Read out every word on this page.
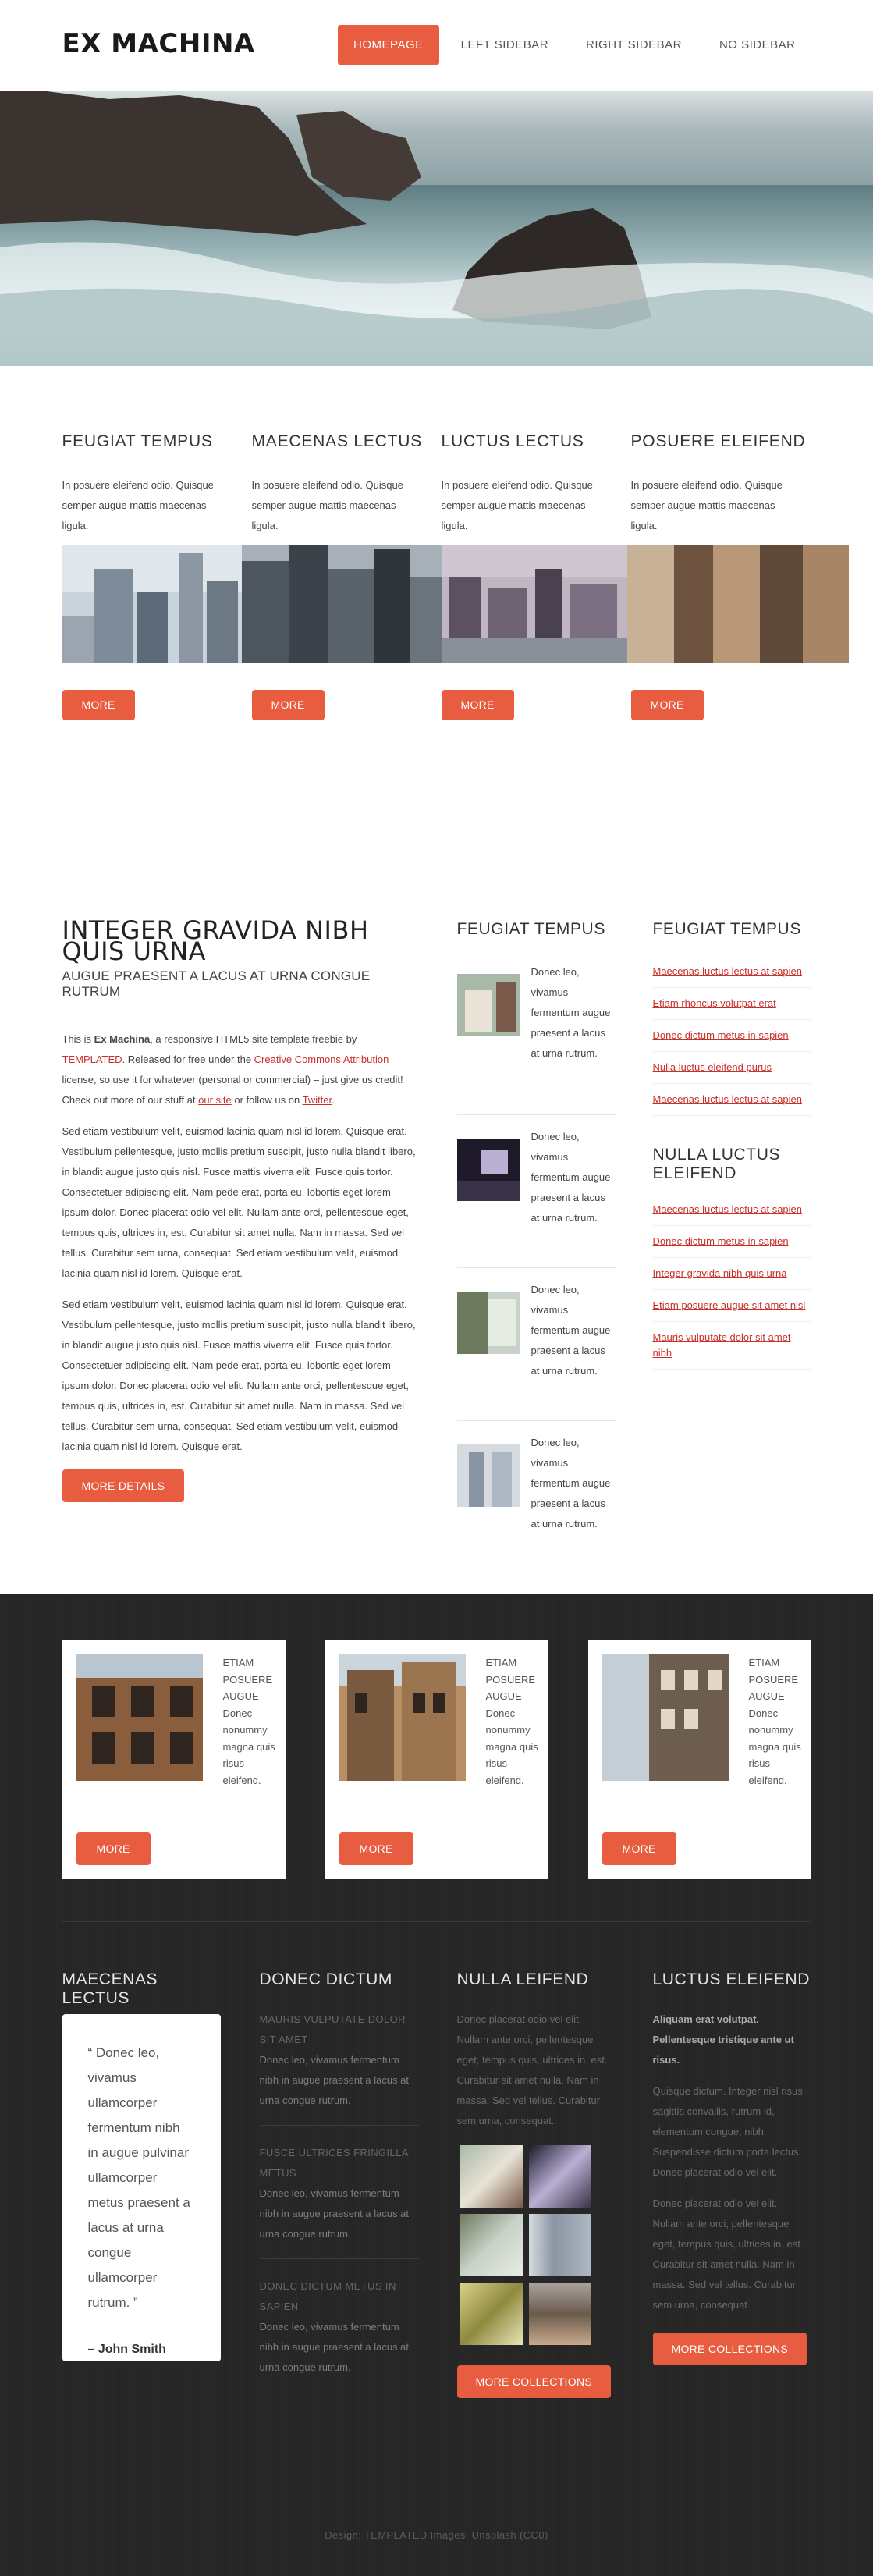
EX MACHINA	HOMEPAGE	LEFT SIDEBAR	RIGHT SIDEBAR	NO SIDEBAR
FEUGIAT TEMPUS

In posuere eleifend odio. Quisque semper augue mattis maecenas ligula.

MORE
MAECENAS LECTUS

In posuere eleifend odio. Quisque semper augue mattis maecenas ligula.

MORE
LUCTUS LECTUS

In posuere eleifend odio. Quisque semper augue mattis maecenas ligula.

MORE
POSUERE ELEIFEND

In posuere eleifend odio. Quisque semper augue mattis maecenas ligula.

MORE
INTEGER GRAVIDA NIBH QUIS URNA
AUGUE PRAESENT A LACUS AT URNA CONGUE RUTRUM

This is Ex Machina, a responsive HTML5 site template freebie by TEMPLATED. Released for free under the Creative Commons Attribution license, so use it for whatever (personal or commercial) – just give us credit! Check out more of our stuff at our site or follow us on Twitter.

Sed etiam vestibulum velit, euismod lacinia quam nisl id lorem. Quisque erat. Vestibulum pellentesque, justo mollis pretium suscipit, justo nulla blandit libero, in blandit augue justo quis nisl. Fusce mattis viverra elit. Fusce quis tortor. Consectetuer adipiscing elit. Nam pede erat, porta eu, lobortis eget lorem ipsum dolor. Donec placerat odio vel elit. Nullam ante orci, pellentesque eget, tempus quis, ultrices in, est. Curabitur sit amet nulla. Nam in massa. Sed vel tellus. Curabitur sem urna, consequat. Sed etiam vestibulum velit, euismod lacinia quam nisl id lorem. Quisque erat.

Sed etiam vestibulum velit, euismod lacinia quam nisl id lorem. Quisque erat. Vestibulum pellentesque, justo mollis pretium suscipit, justo nulla blandit libero, in blandit augue justo quis nisl. Fusce mattis viverra elit. Fusce quis tortor. Consectetuer adipiscing elit. Nam pede erat, porta eu, lobortis eget lorem ipsum dolor. Donec placerat odio vel elit. Nullam ante orci, pellentesque eget, tempus quis, ultrices in, est. Curabitur sit amet nulla. Nam in massa. Sed vel tellus. Curabitur sem urna, consequat. Sed etiam vestibulum velit, euismod lacinia quam nisl id lorem. Quisque erat.

MORE DETAILS
FEUGIAT TEMPUS
Donec leo, vivamus fermentum augue praesent a lacus at urna rutrum.
Donec leo, vivamus fermentum augue praesent a lacus at urna rutrum.
Donec leo, vivamus fermentum augue praesent a lacus at urna rutrum.
Donec leo, vivamus fermentum augue praesent a lacus at urna rutrum.
FEUGIAT TEMPUS
Maecenas luctus lectus at sapien
Etiam rhoncus volutpat erat
Donec dictum metus in sapien
Nulla luctus eleifend purus
Maecenas luctus lectus at sapien
NULLA LUCTUS ELEIFEND
Maecenas luctus lectus at sapien
Donec dictum metus in sapien
Integer gravida nibh quis urna
Etiam posuere augue sit amet nisl
Mauris vulputate dolor sit amet nibh
ETIAM POSUERE AUGUE Donec nonummy magna quis risus eleifend.
MORE
ETIAM POSUERE AUGUE Donec nonummy magna quis risus eleifend.
MORE
ETIAM POSUERE AUGUE Donec nonummy magna quis risus eleifend.
MORE
MAECENAS LECTUS
“ Donec leo, vivamus ullamcorper fermentum nibh in augue pulvinar ullamcorper metus praesent a lacus at urna congue ullamcorper rutrum. ”
– John Smith
DONEC DICTUM
MAURIS VULPUTATE DOLOR SIT AMET
Donec leo, vivamus fermentum nibh in augue praesent a lacus at urna congue rutrum.
FUSCE ULTRICES FRINGILLA METUS
Donec leo, vivamus fermentum nibh in augue praesent a lacus at urna congue rutrum.
DONEC DICTUM METUS IN SAPIEN
Donec leo, vivamus fermentum nibh in augue praesent a lacus at urna congue rutrum.
NULLA LEIFEND
Donec placerat odio vel elit. Nullam ante orci, pellentesque eget, tempus quis, ultrices in, est. Curabitur sit amet nulla. Nam in massa. Sed vel tellus. Curabitur sem urna, consequat.
MORE COLLECTIONS
LUCTUS ELEIFEND
Aliquam erat volutpat. Pellentesque tristique ante ut risus.
Quisque dictum. Integer nisl risus, sagittis convallis, rutrum id, elementum congue, nibh. Suspendisse dictum porta lectus. Donec placerat odio vel elit.
Donec placerat odio vel elit. Nullam ante orci, pellentesque eget, tempus quis, ultrices in, est. Curabitur sit amet nulla. Nam in massa. Sed vel tellus. Curabitur sem urna, consequat.
MORE COLLECTIONS
Design: TEMPLATED Images: Unsplash (CC0)
